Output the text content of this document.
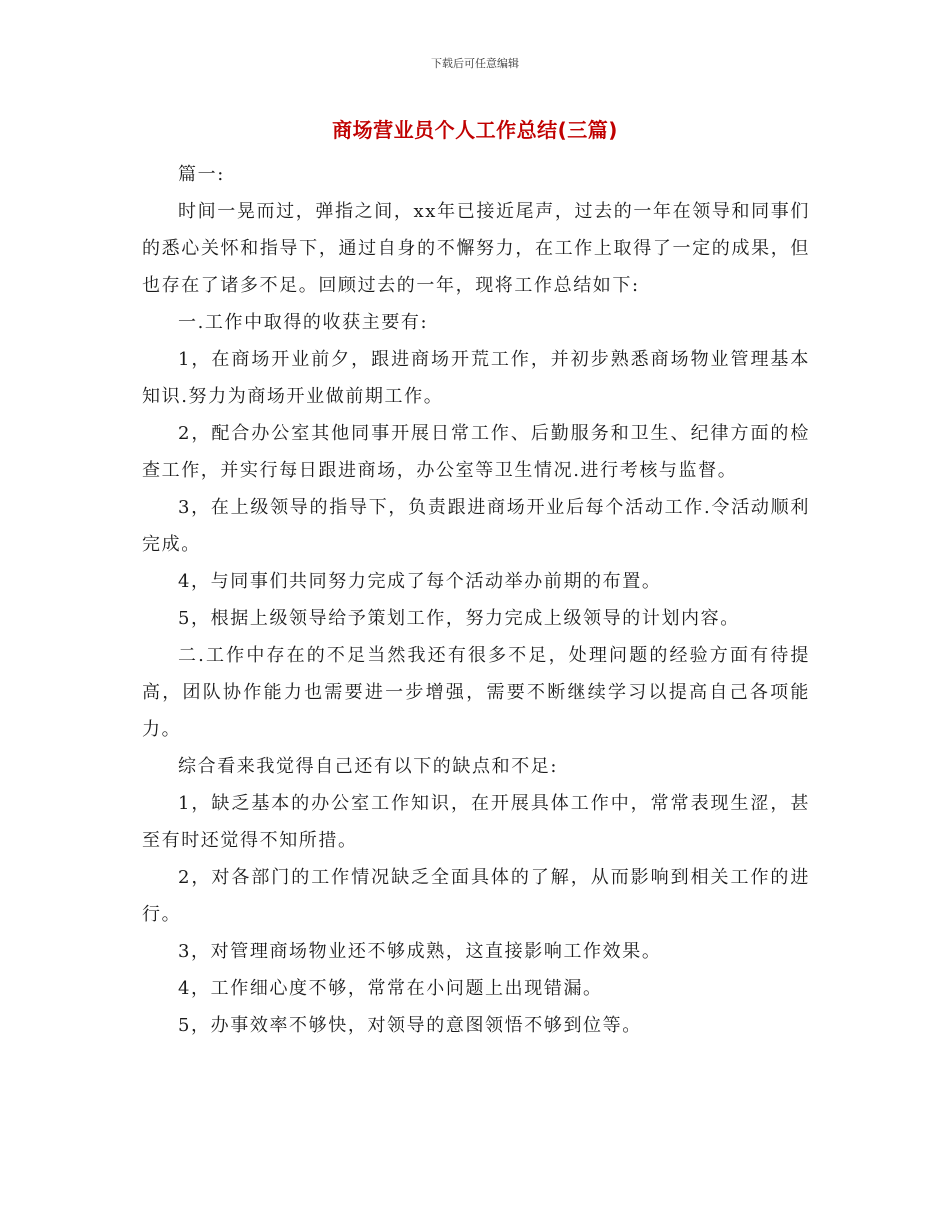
下载后可任意编辑
商场营业员个人工作总结(三篇)

篇一:

时间一晃而过，弹指之间，xx年已接近尾声，过去的一年在领导和同事们的悉心关怀和指导下，通过自身的不懈努力，在工作上取得了一定的成果，但也存在了诸多不足。回顾过去的一年，现将工作总结如下:

一.工作中取得的收获主要有:

1，在商场开业前夕，跟进商场开荒工作，并初步熟悉商场物业管理基本知识.努力为商场开业做前期工作。

2，配合办公室其他同事开展日常工作、后勤服务和卫生、纪律方面的检查工作，并实行每日跟进商场，办公室等卫生情况.进行考核与监督。

3，在上级领导的指导下，负责跟进商场开业后每个活动工作.令活动顺利完成。

4，与同事们共同努力完成了每个活动举办前期的布置。

5，根据上级领导给予策划工作，努力完成上级领导的计划内容。

二.工作中存在的不足当然我还有很多不足，处理问题的经验方面有待提高，团队协作能力也需要进一步增强，需要不断继续学习以提高自己各项能力。

综合看来我觉得自己还有以下的缺点和不足:

1，缺乏基本的办公室工作知识，在开展具体工作中，常常表现生涩，甚至有时还觉得不知所措。

2，对各部门的工作情况缺乏全面具体的了解，从而影响到相关工作的进行。

3，对管理商场物业还不够成熟，这直接影响工作效果。

4，工作细心度不够，常常在小问题上出现错漏。

5，办事效率不够快，对领导的意图领悟不够到位等。
